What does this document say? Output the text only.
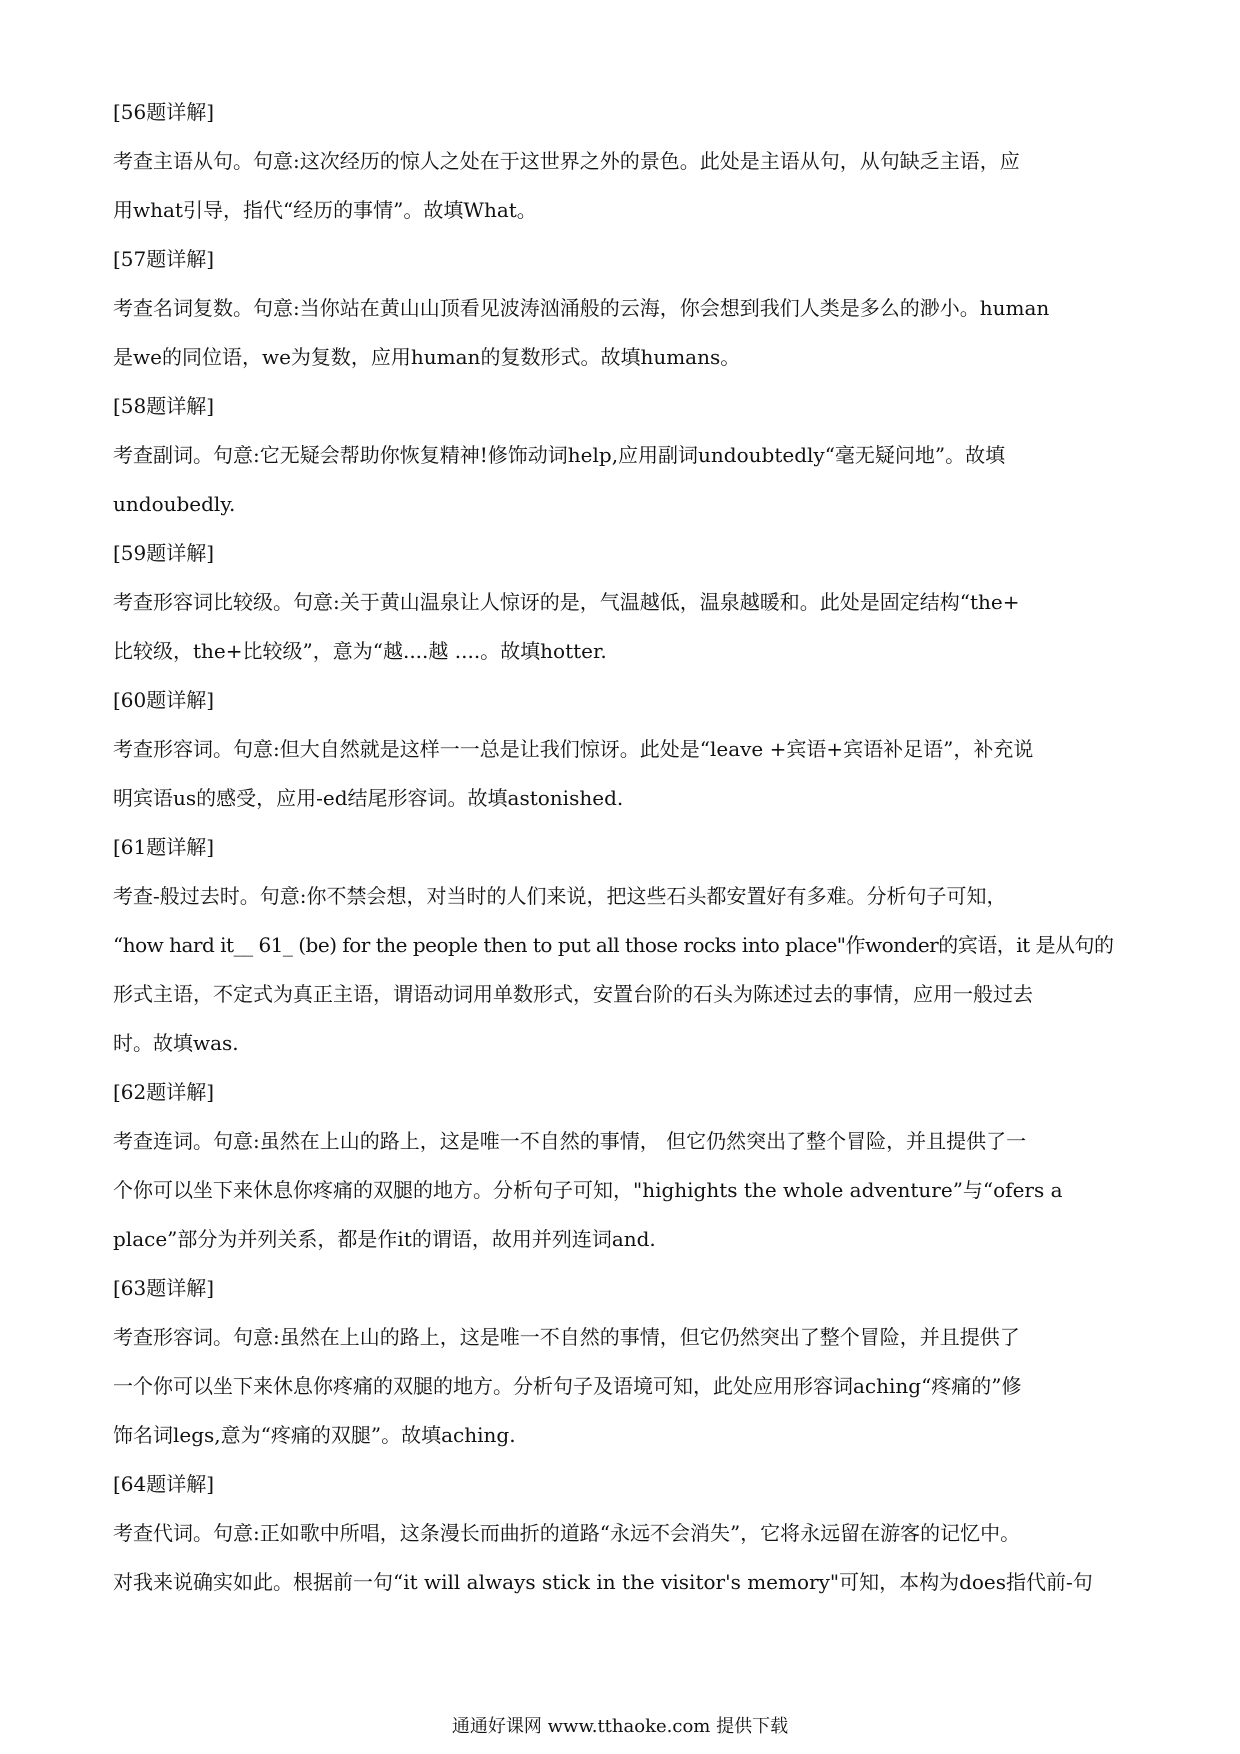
[56题详解]

考查主语从句。句意:这次经历的惊人之处在于这世界之外的景色。此处是主语从句，从句缺乏主语，应

用what引导，指代“经历的事情”。故填What。

[57题详解]

考查名词复数。句意:当你站在黄山山顶看见波涛汹涌般的云海，你会想到我们人类是多么的渺小。human

是we的同位语，we为复数，应用human的复数形式。故填humans。

[58题详解]

考查副词。句意:它无疑会帮助你恢复精神!修饰动词help,应用副词undoubtedly“毫无疑问地”。故填

undoubedly.

[59题详解]

考查形容词比较级。句意:关于黄山温泉让人惊讶的是，气温越低，温泉越暖和。此处是固定结构“the+

比较级，the+比较级”，意为“越....越 ....。故填hotter.

[60题详解]

考查形容词。句意:但大自然就是这样一一总是让我们惊讶。此处是“leave +宾语+宾语补足语”，补充说

明宾语us的感受，应用-ed结尾形容词。故填astonished.

[61题详解]

考查-般过去时。句意:你不禁会想，对当时的人们来说，把这些石头都安置好有多难。分析句子可知，

“how hard it__ 61_ (be) for the people then to put all those rocks into place"作wonder的宾语，it 是从句的

形式主语，不定式为真正主语，谓语动词用单数形式，安置台阶的石头为陈述过去的事情，应用一般过去

时。故填was.

[62题详解]

考查连词。句意:虽然在上山的路上，这是唯一不自然的事情， 但它仍然突出了整个冒险，并且提供了一

个你可以坐下来休息你疼痛的双腿的地方。分析句子可知，"highights the whole adventure”与“ofers a

place”部分为并列关系，都是作it的谓语，故用并列连词and.

[63题详解]

考查形容词。句意:虽然在上山的路上，这是唯一不自然的事情，但它仍然突出了整个冒险，并且提供了

一个你可以坐下来休息你疼痛的双腿的地方。分析句子及语境可知，此处应用形容词aching“疼痛的”修

饰名词legs,意为“疼痛的双腿”。故填aching.

[64题详解]

考查代词。句意:正如歌中所唱，这条漫长而曲折的道路“永远不会消失”，它将永远留在游客的记忆中。

对我来说确实如此。根据前一句“it will always stick in the visitor's memory"可知，本构为does指代前-句

通通好课网 www.tthaoke.com 提供下载
